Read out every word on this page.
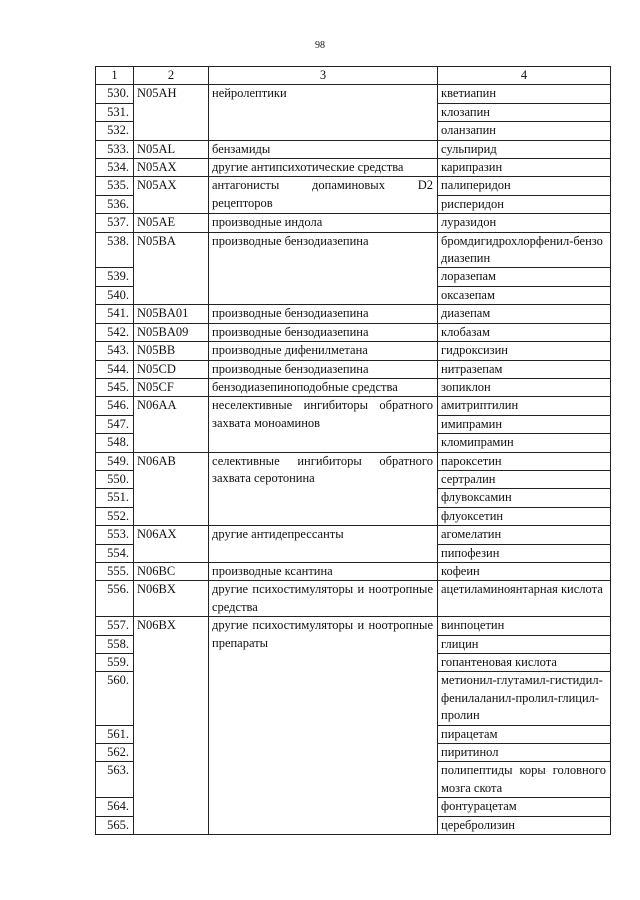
98
1	2	3	4
530.	N05AH	нейролептики	кветиапин
531.			клозапин
532.			оланзапин
533.	N05AL	бензамиды	сульпирид
534.	N05AX	другие антипсихотические средства	карипразин
535.	N05AX	антагонисты допаминовых D2 рецепторов	палиперидон
536.			рисперидон
537.	N05AE	производные индола	луразидон
538.	N05BA	производные бензодиазепина	бромдигидрохлорфенил-бензодиазепин
539.			лоразепам
540.			оксазепам
541.	N05BA01	производные бензодиазепина	диазепам
542.	N05BA09	производные бензодиазепина	клобазам
543.	N05BB	производные дифенилметана	гидроксизин
544.	N05CD	производные бензодиазепина	нитразепам
545.	N05CF	бензодиазепиноподобные средства	зопиклон
546.	N06AA	неселективные ингибиторы обратного захвата моноаминов	амитриптилин
547.			имипрамин
548.			кломипрамин
549.	N06AB	селективные ингибиторы обратного захвата серотонина	пароксетин
550.			сертралин
551.			флувоксамин
552.			флуоксетин
553.	N06AX	другие антидепрессанты	агомелатин
554.			пипофезин
555.	N06BC	производные ксантина	кофеин
556.	N06BX	другие психостимуляторы и ноотропные средства	ацетиламиноянтарная кислота
557.	N06BX	другие психостимуляторы и ноотропные препараты	винпоцетин
558.			глицин
559.			гопантеновая кислота
560.			метионил-глутамил-гистидил-фенилаланил-пролил-глицил-пролин
561.			пирацетам
562.			пиритинол
563.			полипептиды коры головного мозга скота
564.			фонтурацетам
565.			церебролизин
